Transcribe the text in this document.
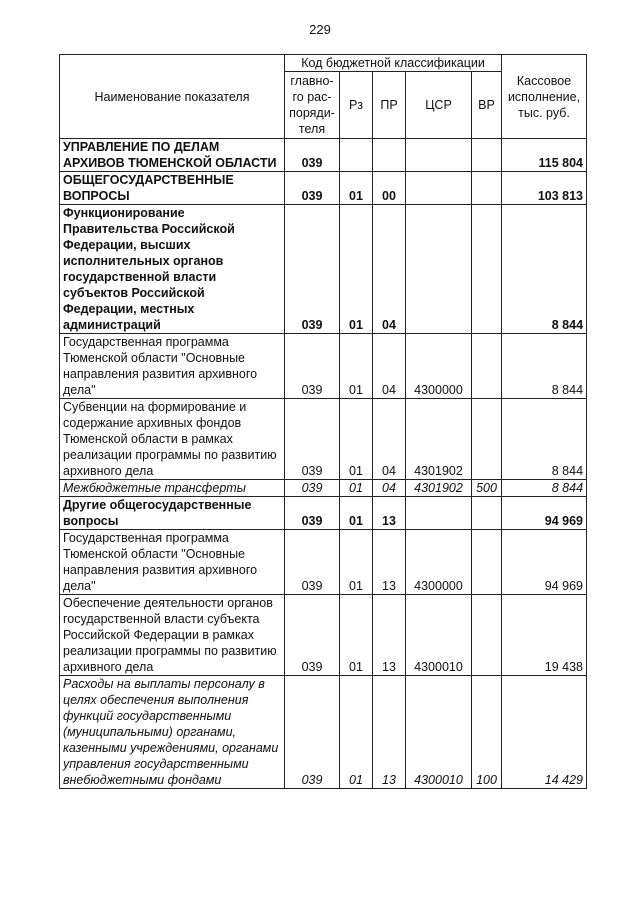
229
Наименование показателя	Код бюджетной классификации					Кассовое исполнение, тыс. руб.
	главно-го рас-поряди-теля	Рз	ПР	ЦСР	ВР	
УПРАВЛЕНИЕ ПО ДЕЛАМ АРХИВОВ ТЮМЕНСКОЙ ОБЛАСТИ	039					115 804
ОБЩЕГОСУДАРСТВЕННЫЕ ВОПРОСЫ	039	01	00			103 813
Функционирование Правительства Российской Федерации, высших исполнительных органов государственной власти субъектов Российской Федерации, местных администраций	039	01	04			8 844
Государственная программа Тюменской области "Основные направления развития архивного дела"	039	01	04	4300000		8 844
Субвенции на формирование и содержание архивных фондов Тюменской области в рамках реализации программы по развитию архивного дела	039	01	04	4301902		8 844
Межбюджетные трансферты	039	01	04	4301902	500	8 844
Другие общегосударственные вопросы	039	01	13			94 969
Государственная программа Тюменской области "Основные направления развития архивного дела"	039	01	13	4300000		94 969
Обеспечение деятельности органов государственной власти субъекта Российской Федерации в рамках реализации программы по развитию архивного дела	039	01	13	4300010		19 438
Расходы на выплаты персоналу в целях обеспечения выполнения функций государственными (муниципальными) органами, казенными учреждениями, органами управления государственными внебюджетными фондами	039	01	13	4300010	100	14 429
